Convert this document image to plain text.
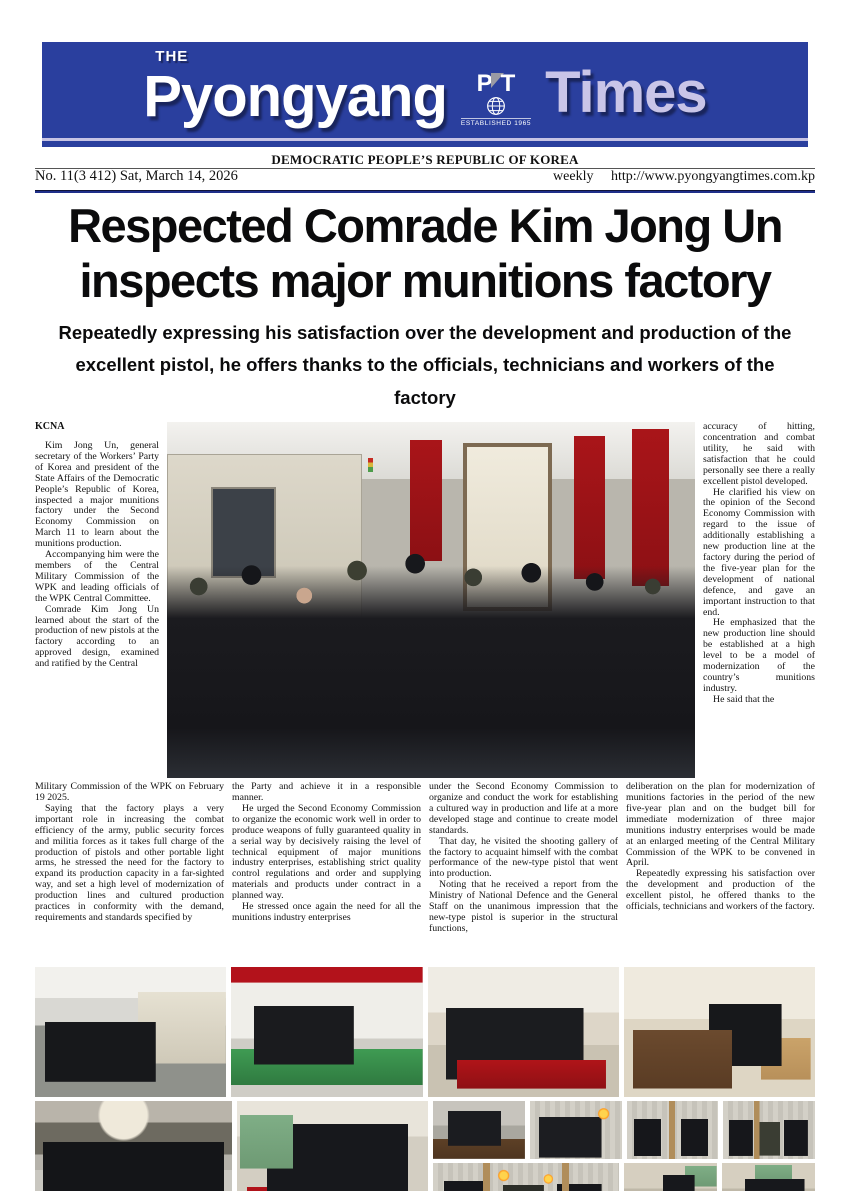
THE
Pyongyang P T
ESTABLISHED 1965 Times
DEMOCRATIC PEOPLE’S REPUBLIC OF KOREA
No. 11(3 412) Sat, March 14, 2026	weekly http://www.pyongyangtimes.com.kp
Respected Comrade Kim Jong Un
inspects major munitions factory
Repeatedly expressing his satisfaction over the development and production of the excellent pistol, he offers thanks to the officials, technicians and workers of the factory
KCNA

Kim Jong Un, general secretary of the Workers’ Party of Korea and president of the State Affairs of the Democratic People’s Republic of Korea, inspected a major munitions factory under the Second Economy Commission on March 11 to learn about the munitions production.

Accompanying him were the members of the Central Military Commission of the WPK and leading officials of the WPK Central Committee.

Comrade Kim Jong Un learned about the start of the production of new pistols at the factory according to an approved design, examined and ratified by the Central

accuracy of hitting, concentration and combat utility, he said with satisfaction that he could personally see there a really excellent pistol developed.

He clarified his view on the opinion of the Second Economy Commission with regard to the issue of additionally establishing a new production line at the factory during the period of the five-year plan for the development of national defence, and gave an important instruction to that end.

He emphasized that the new production line should be established at a high level to be a model of modernization of the country’s munitions industry.

He said that the

Military Commission of the WPK on February 19 2025.

Saying that the factory plays a very important role in increasing the combat efficiency of the army, public security forces and militia forces as it takes full charge of the production of pistols and other portable light arms, he stressed the need for the factory to expand its production capacity in a far-sighted way, and set a high level of modernization of production lines and cultured production practices in conformity with the demand, requirements and standards specified by

the Party and achieve it in a responsible manner.

He urged the Second Economy Commission to organize the economic work well in order to produce weapons of fully guaranteed quality in a serial way by decisively raising the level of technical equipment of major munitions industry enterprises, establishing strict quality control regulations and order and supplying materials and products under contract in a planned way.

He stressed once again the need for all the munitions industry enterprises

under the Second Economy Commission to organize and conduct the work for establishing a cultured way in production and life at a more developed stage and continue to create model standards.

That day, he visited the shooting gallery of the factory to acquaint himself with the combat performance of the new-type pistol that went into production.

Noting that he received a report from the Ministry of National Defence and the General Staff on the unanimous impression that the new-type pistol is superior in the structural functions,

deliberation on the plan for modernization of munitions factories in the period of the new five-year plan and on the budget bill for immediate modernization of three major munitions industry enterprises would be made at an enlarged meeting of the Central Military Commission of the WPK to be convened in April.

Repeatedly expressing his satisfaction over the development and production of the excellent pistol, he offered thanks to the officials, technicians and workers of the factory.
